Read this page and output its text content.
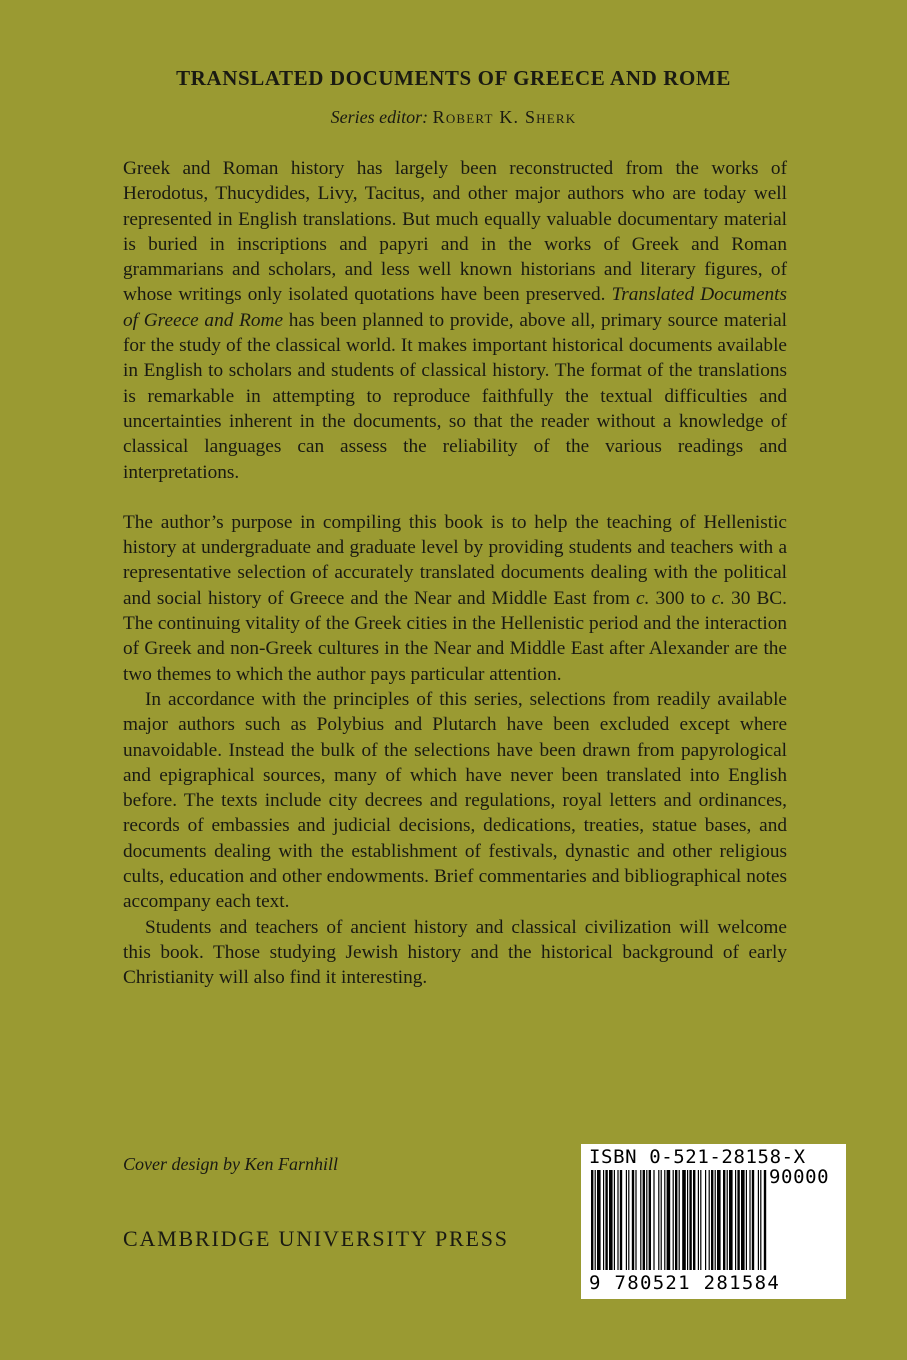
TRANSLATED DOCUMENTS OF GREECE AND ROME
Series editor: Robert K. Sherk

Greek and Roman history has largely been reconstructed from the works of Herodotus, Thucydides, Livy, Tacitus, and other major authors who are today well represented in English translations. But much equally valuable documentary material is buried in inscriptions and papyri and in the works of Greek and Roman grammarians and scholars, and less well known historians and literary figures, of whose writings only isolated quotations have been preserved. Translated Documents of Greece and Rome has been planned to provide, above all, primary source material for the study of the classical world. It makes important historical documents available in English to scholars and students of classical history. The format of the translations is remarkable in attempting to reproduce faithfully the textual difficulties and uncertainties inherent in the documents, so that the reader without a knowledge of classical languages can assess the reliability of the various readings and interpretations.

The author’s purpose in compiling this book is to help the teaching of Hellenistic history at undergraduate and graduate level by providing students and teachers with a representative selection of accurately translated documents dealing with the political and social history of Greece and the Near and Middle East from c. 300 to c. 30 BC. The continuing vitality of the Greek cities in the Hellenistic period and the interaction of Greek and non-Greek cultures in the Near and Middle East after Alexander are the two themes to which the author pays particular attention.

In accordance with the principles of this series, selections from readily available major authors such as Polybius and Plutarch have been excluded except where unavoidable. Instead the bulk of the selections have been drawn from papyrological and epigraphical sources, many of which have never been translated into English before. The texts include city decrees and regulations, royal letters and ordinances, records of embassies and judicial decisions, dedications, treaties, statue bases, and documents dealing with the establishment of festivals, dynastic and other religious cults, education and other endowments. Brief commentaries and bibliographical notes accompany each text.

Students and teachers of ancient history and classical civilization will welcome this book. Those studying Jewish history and the historical background of early Christianity will also find it interesting.

Cover design by Ken Farnhill
CAMBRIDGE UNIVERSITY PRESS
ISBN 0-521-28158-X
90000
9 780521 281584
